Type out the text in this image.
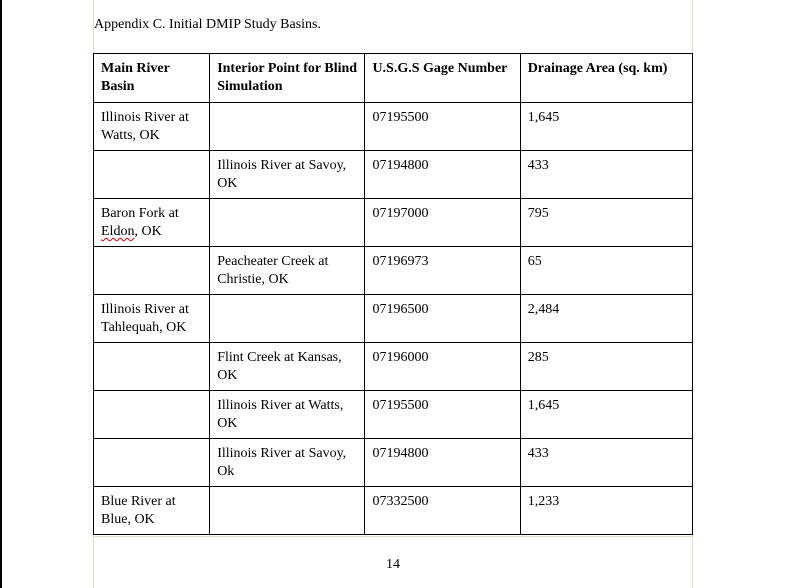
Appendix C. Initial DMIP Study Basins.
Main River Basin	Interior Point for Blind Simulation	U.S.G.S Gage Number	Drainage Area (sq. km)
Illinois River at Watts, OK		07195500	1,645
	Illinois River at Savoy, OK	07194800	433
Baron Fork at Eldon, OK		07197000	795
	Peacheater Creek at Christie, OK	07196973	65
Illinois River at Tahlequah, OK		07196500	2,484
	Flint Creek at Kansas, OK	07196000	285
	Illinois River at Watts, OK	07195500	1,645
	Illinois River at Savoy, Ok	07194800	433
Blue River at Blue, OK		07332500	1,233
14
